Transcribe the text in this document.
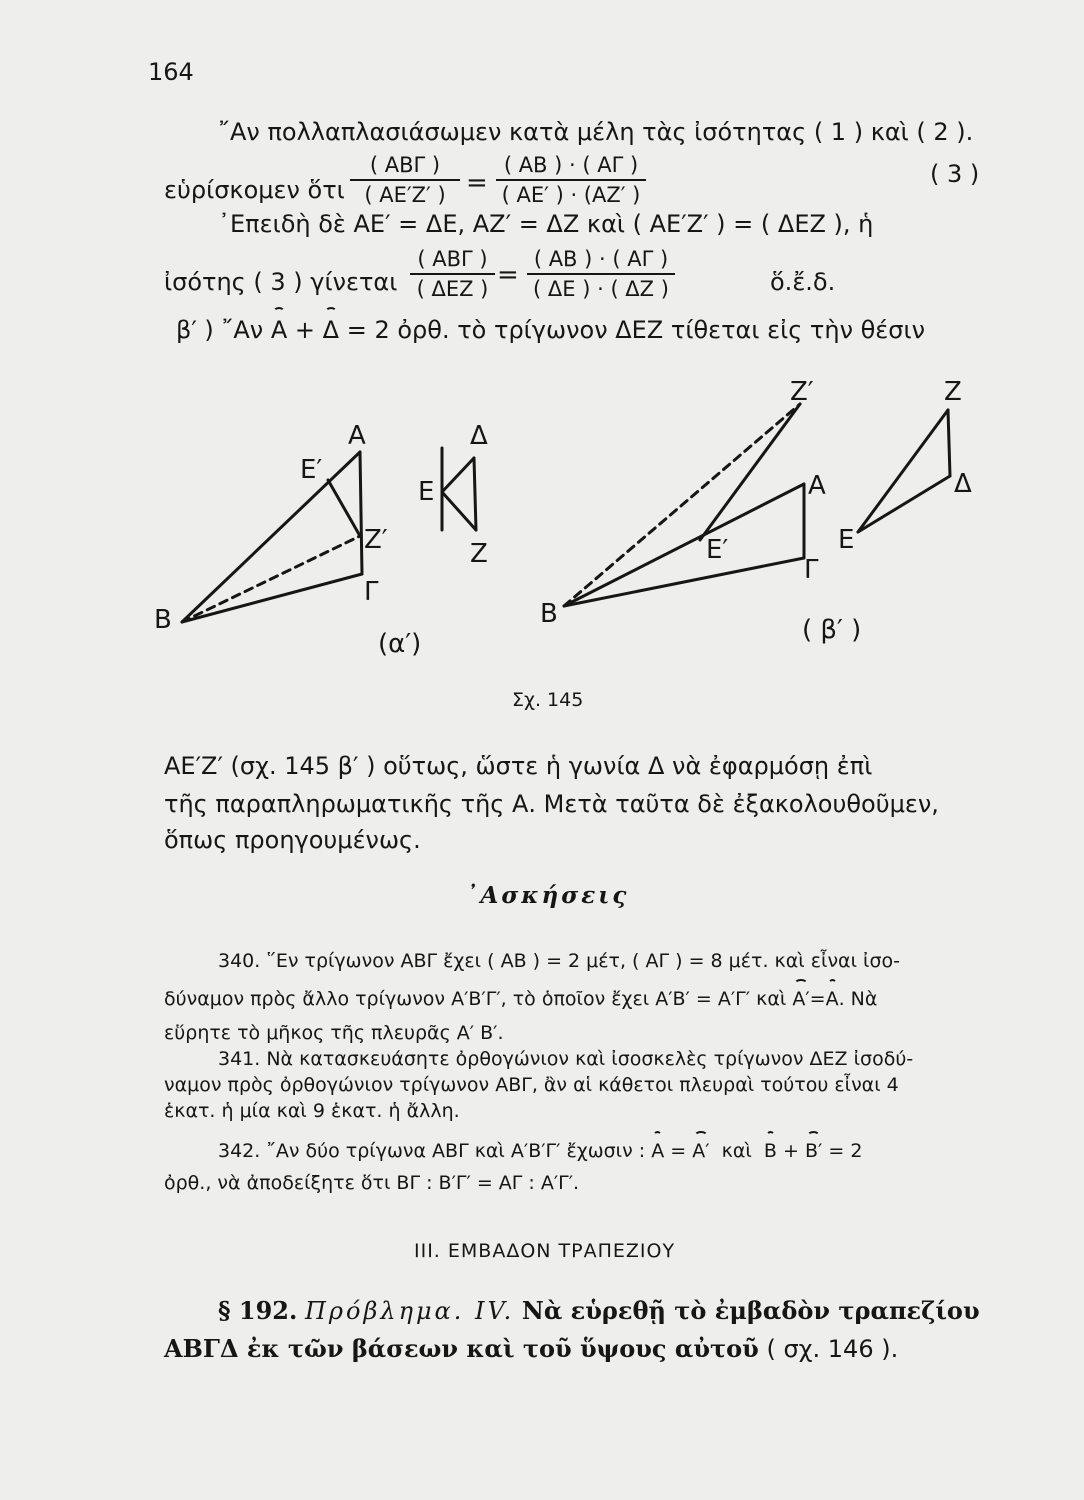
164
῎Αν πολλαπλασιάσωμεν κατὰ μέλη τὰς ἰσότητας ( 1 ) καὶ ( 2 ).
εὑρίσκομεν ὅτι
( ΑΒΓ )
( ΑΕ′Ζ′ ) =
( ΑΒ ) · ( ΑΓ )
( ΑΕ′ ) · (ΑΖ′ )
( 3 )
᾿Επειδὴ δὲ ΑΕ′ = ΔΕ, ΑΖ′ = ΔΖ καὶ ( ΑΕ′Ζ′ ) = ( ΔΕΖ ), ἡ
ἰσότης ( 3 ) γίνεται
( ΑΒΓ )
( ΔΕΖ ) =
( ΑΒ ) · ( ΑΓ )
( ΔΕ ) · ( ΔΖ )	ὅ.ἔ.δ.
β′ ) ῎Αν Α + Δ = 2 ὀρθ. τὸ τρίγωνον ΔΕΖ τίθεται εἰς τὴν θέσιν
Α
Ε′
Ζ′
Γ
Β
Δ
Ε
Ζ
Β
Ε′
Α
Γ
Ζ′	Ζ
Δ
Ε
(α′)	( β′ )
Σχ. 145
ΑΕ′Ζ′ (σχ. 145 β′ ) οὕτως, ὥστε ἡ γωνία Δ νὰ ἐφαρμόσῃ ἐπὶ
τῆς παραπληρωματικῆς τῆς Α. Μετὰ ταῦτα δὲ ἐξακολουθοῦμεν,
ὅπως προηγουμένως.
᾿Ασκήσεις
340. ῞Εν τρίγωνον ΑΒΓ ἔχει ( ΑΒ ) = 2 μέτ, ( ΑΓ ) = 8 μέτ. καὶ εἶναι ἰσο-
δύναμον πρὸς ἄλλο τρίγωνον Α′Β′Γ′, τὸ ὁποῖον ἔχει Α′Β′ = Α′Γ′ καὶ Α′=Α. Νὰ
εὕρητε τὸ μῆκος τῆς πλευρᾶς Α′ Β′.
341. Νὰ κατασκευάσητε ὀρθογώνιον καὶ ἰσοσκελὲς τρίγωνον ΔΕΖ ἰσοδύ-
ναμον πρὸς ὀρθογώνιον τρίγωνον ΑΒΓ, ἂν αἱ κάθετοι πλευραὶ τούτου εἶναι 4
ἑκατ. ἡ μία καὶ 9 ἑκατ. ἡ ἄλλη.
342. ῎Αν δύο τρίγωνα ΑΒΓ καὶ Α′Β′Γ′ ἔχωσιν : Α = Α′ καὶ Β + Β′ = 2
ὀρθ., νὰ ἀποδείξητε ὅτι ΒΓ : Β′Γ′ = ΑΓ : Α′Γ′.
ΙΙΙ. ΕΜΒΑΔΟΝ ΤΡΑΠΕΖΙΟΥ
§ 192. Πρόβλημα. IV. Νὰ εὑρεθῇ τὸ ἐμβαδὸν τραπεζίου
ΑΒΓΔ ἐκ τῶν βάσεων καὶ τοῦ ὕψους αὐτοῦ ( σχ. 146 ).
